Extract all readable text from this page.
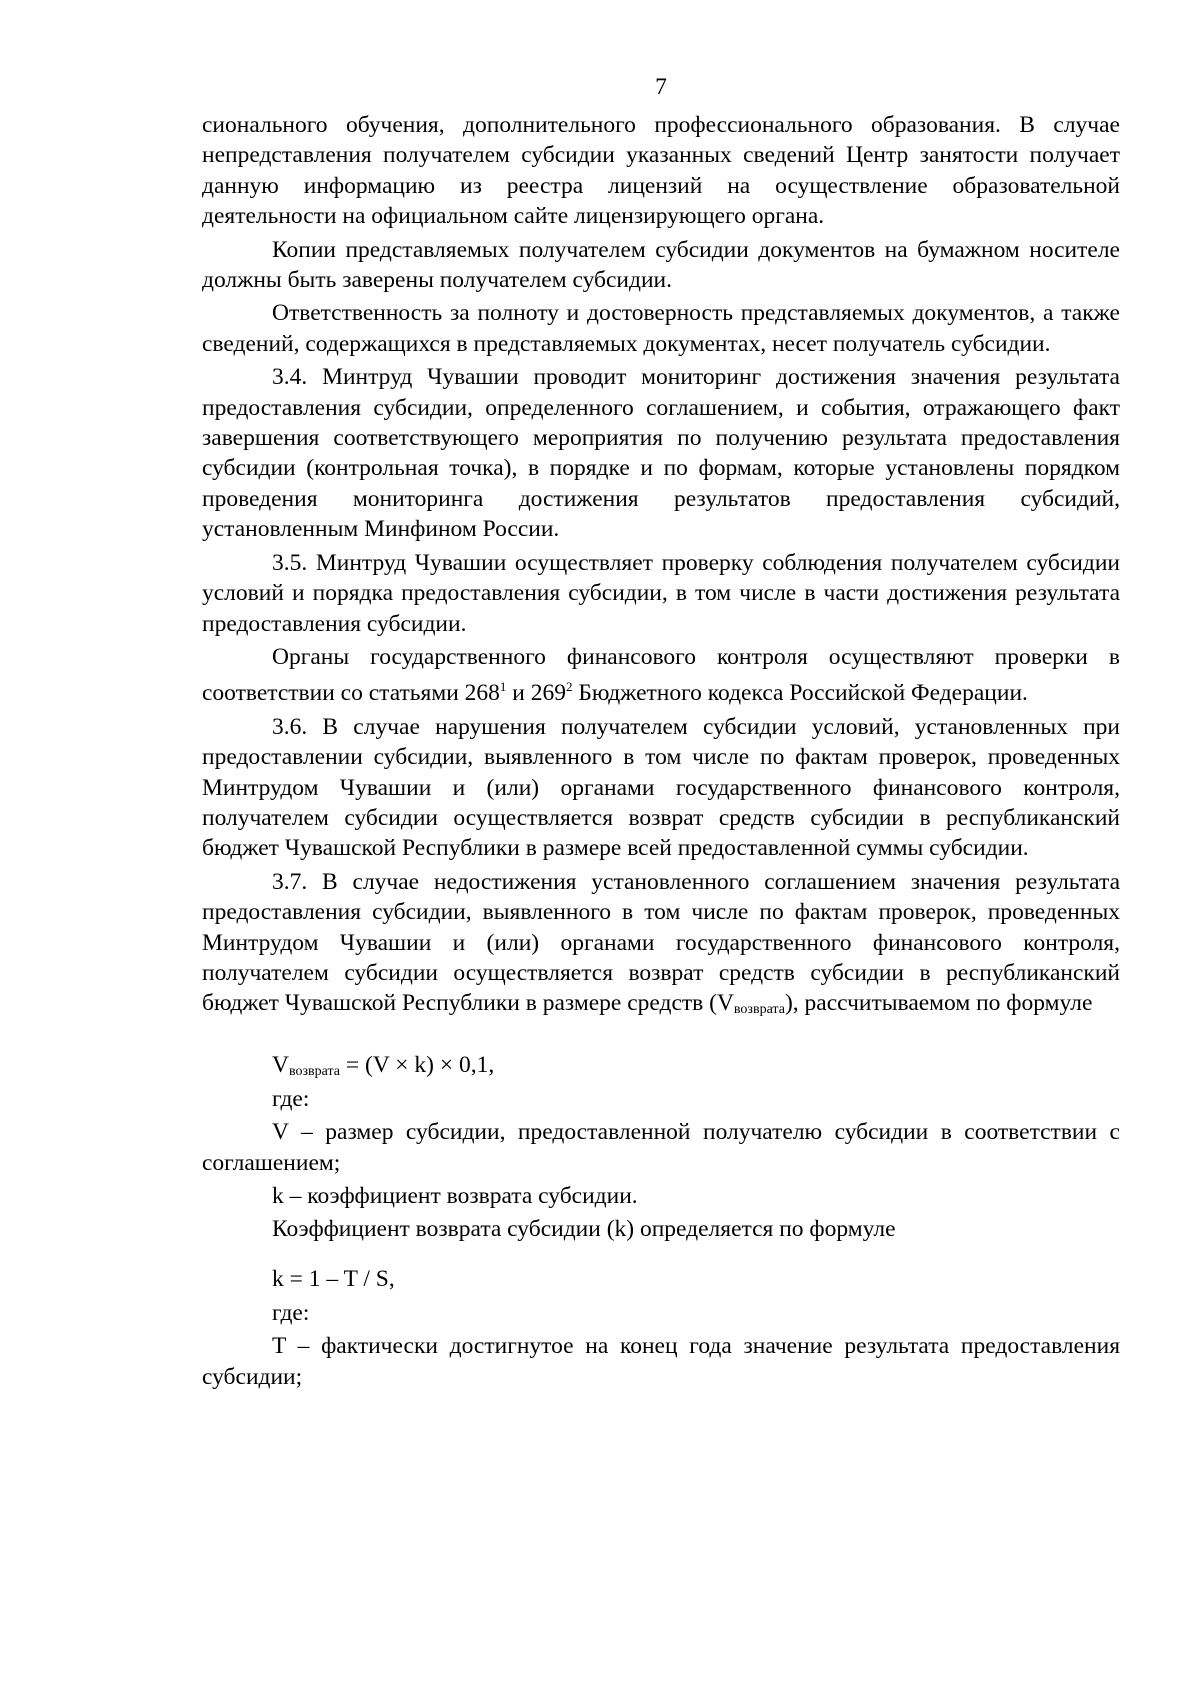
7

сионального обучения, дополнительного профессионального образования. В случае непредставления получателем субсидии указанных сведений Центр занятости получает данную информацию из реестра лицензий на осуществление образовательной деятельности на официальном сайте лицензирующего органа.

Копии представляемых получателем субсидии документов на бумажном носителе должны быть заверены получателем субсидии.

Ответственность за полноту и достоверность представляемых документов, а также сведений, содержащихся в представляемых документах, несет получатель субсидии.

3.4. Минтруд Чувашии проводит мониторинг достижения значения результата предоставления субсидии, определенного соглашением, и события, отражающего факт завершения соответствующего мероприятия по получению результата предоставления субсидии (контрольная точка), в порядке и по формам, которые установлены порядком проведения мониторинга достижения результатов предоставления субсидий, установленным Минфином России.

3.5. Минтруд Чувашии осуществляет проверку соблюдения получателем субсидии условий и порядка предоставления субсидии, в том числе в части достижения результата предоставления субсидии.

Органы государственного финансового контроля осуществляют проверки в соответствии со статьями $268^1$ и $269^2$ Бюджетного кодекса Российской Федерации.

3.6. В случае нарушения получателем субсидии условий, установленных при предоставлении субсидии, выявленного в том числе по фактам проверок, проведенных Минтрудом Чувашии и (или) органами государственного финансового контроля, получателем субсидии осуществляется возврат средств субсидии в республиканский бюджет Чувашской Республики в размере всей предоставленной суммы субсидии.

3.7. В случае недостижения установленного соглашением значения результата предоставления субсидии, выявленного в том числе по фактам проверок, проведенных Минтрудом Чувашии и (или) органами государственного финансового контроля, получателем субсидии осуществляется возврат средств субсидии в республиканский бюджет Чувашской Республики в размере средств $(V_{возврата})$, рассчитываемом по формуле

$V_{возврата} = (V \times k) \times 0,1$,
где:

V – размер субсидии, предоставленной получателю субсидии в соответствии с соглашением;

k – коэффициент возврата субсидии.

Коэффициент возврата субсидии (k) определяется по формуле
k = 1 – T / S,
где:

T – фактически достигнутое на конец года значение результата предоставления субсидии;
